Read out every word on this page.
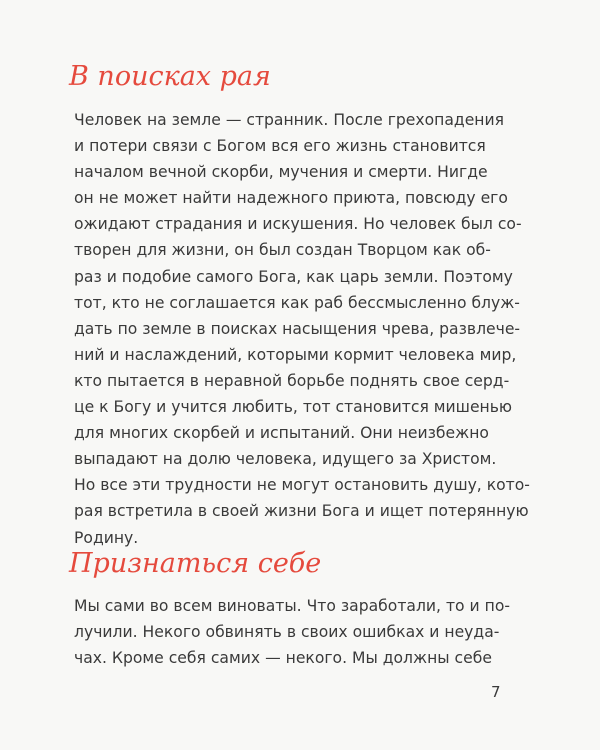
В поисках рая

Человек на земле — странник. После грехопадения
и потери связи с Богом вся его жизнь становится
началом вечной скорби, мучения и смерти. Нигде
он не может найти надежного приюта, повсюду его
ожидают страдания и искушения. Но человек был со-
творен для жизни, он был создан Творцом как об-
раз и подобие самого Бога, как царь земли. Поэтому
тот, кто не соглашается как раб бессмысленно блуж-
дать по земле в поисках насыщения чрева, развлече-
ний и наслаждений, которыми кормит человека мир,
кто пытается в неравной борьбе поднять свое серд-
це к Богу и учится любить, тот становится мишенью
для многих скорбей и испытаний. Они неизбежно
выпадают на долю человека, идущего за Христом.
Но все эти трудности не могут остановить душу, кото-
рая встретила в своей жизни Бога и ищет потерянную
Родину.

Признаться себе

Мы сами во всем виноваты. Что заработали, то и по-
лучили. Некого обвинять в своих ошибках и неуда-
чах. Кроме себя самих — некого. Мы должны себе

7
